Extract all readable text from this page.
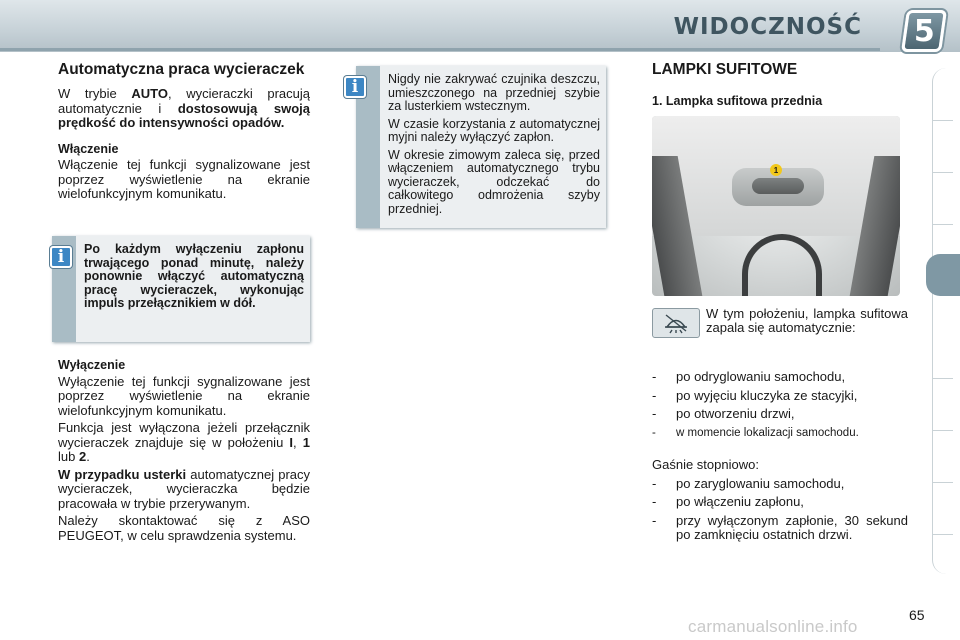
WIDOCZNOŚĆ 5
Automatyczna praca wycieraczek

W trybie AUTO, wycieraczki pracują automatycznie i dostosowują swoją prędkość do intensywności opadów.

Włączenie

Włączenie tej funkcji sygnalizowane jest poprzez wyświetlenie na ekranie wielofunkcyjnym komunikatu.

Po każdym wyłączeniu zapłonu trwającego ponad minutę, należy ponownie włączyć automatyczną pracę wycieraczek, wykonując impuls przełącznikiem w dół.
i
Wyłączenie

Wyłączenie tej funkcji sygnalizowane jest poprzez wyświetlenie na ekranie wielofunkcyjnym komunikatu.

Funkcja jest wyłączona jeżeli przełącznik wycieraczek znajduje się w położeniu I, 1 lub 2.

W przypadku usterki automatycznej pracy wycieraczek, wycieraczka będzie pracowała w trybie przerywanym.

Należy skontaktować się z ASO PEUGEOT, w celu sprawdzenia systemu.

Nigdy nie zakrywać czujnika deszczu, umieszczonego na przedniej szybie za lusterkiem wstecznym.

W czasie korzystania z automatycznej myjni należy wyłączyć zapłon.

W okresie zimowym zaleca się, przed włączeniem automatycznego trybu wycieraczek, odczekać do całkowitego odmrożenia szyby przedniej.

i
LAMPKI SUFITOWE
1. Lampka sufitowa przednia
1
W tym położeniu, lampka sufitowa zapala się automatycznie:
- po odryglowaniu samochodu,
- po wyjęciu kluczyka ze stacyjki,
- po otworzeniu drzwi,
- w momencie lokalizacji samochodu.

Gaśnie stopniowo:

- po zaryglowaniu samochodu,
- po włączeniu zapłonu,
- przy wyłączonym zapłonie, 30 sekund po zamknięciu ostatnich drzwi.
65
carmanualsonline.info
